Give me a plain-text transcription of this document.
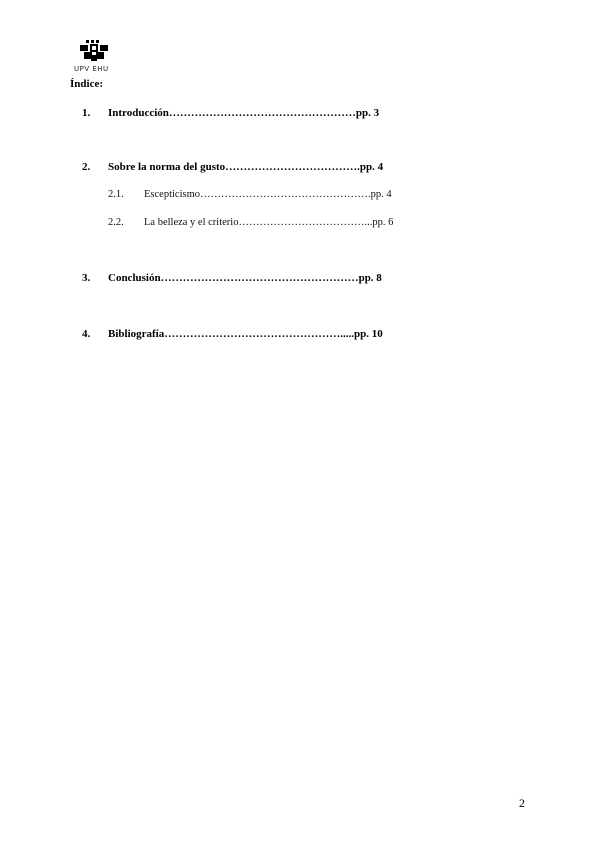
UPV EHU
Índice:
1. Introducción……………………………………………pp. 3
2. Sobre la norma del gusto……………………………….pp. 4
2.1. Escepticismo………………………………………….pp. 4
2.2. La belleza y el criterio………………………………...pp. 6
3. Conclusión………………………………………………pp. 8
4. Bibliografía………………………………………….....pp. 10
2
